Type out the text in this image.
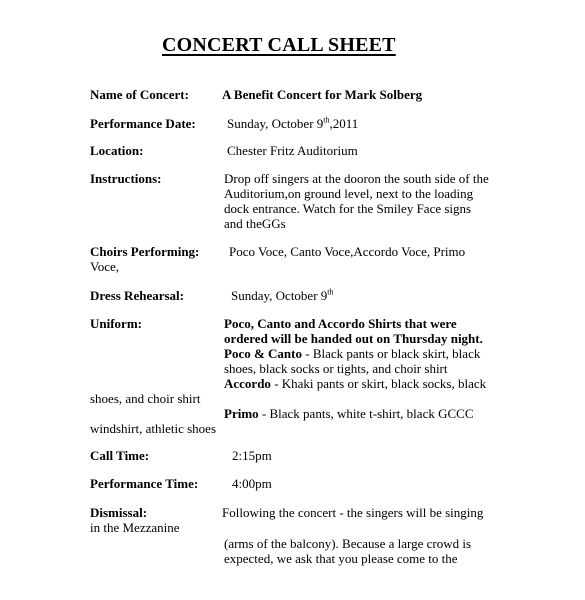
CONCERT CALL SHEET
Name of Concert:	A Benefit Concert for Mark Solberg
Performance Date: Sunday, October 9th,2011
Location:	Chester Fritz Auditorium
Instructions:	Drop off singers at the dooron the south side of the
Auditorium,on ground level, next to the loading
dock entrance. Watch for the Smiley Face signs
and theGGs
Choirs Performing: Poco Voce, Canto Voce,Accordo Voce, Primo
Voce,
Dress Rehearsal:	Sunday, October 9th
Uniform:	Poco, Canto and Accordo Shirts that were
ordered will be handed out on Thursday night.
Poco & Canto - Black pants or black skirt, black
shoes, black socks or tights, and choir shirt
Accordo - Khaki pants or skirt, black socks, black
shoes, and choir shirt
Primo - Black pants, white t-shirt, black GCCC
windshirt, athletic shoes
Call Time:	2:15pm
Performance Time:	4:00pm
Dismissal:	Following the concert - the singers will be singing
in the Mezzanine
(arms of the balcony). Because a large crowd is
expected, we ask that you please come to the
